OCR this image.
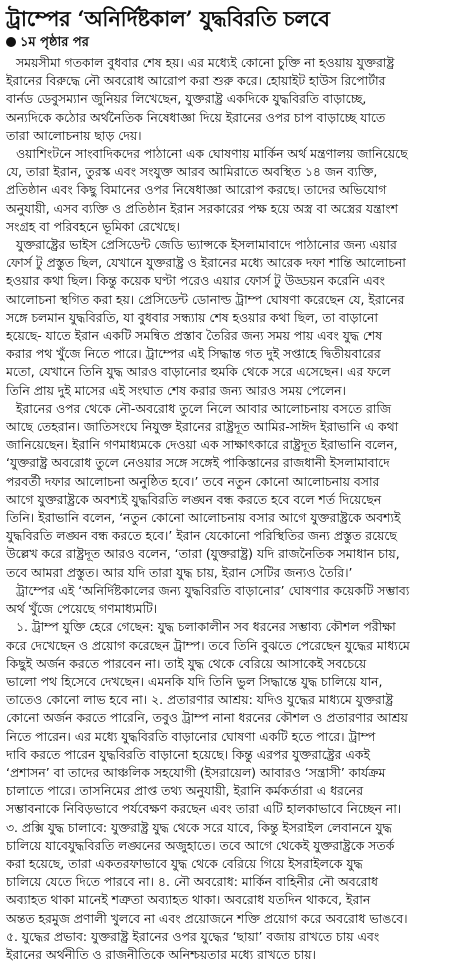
ট্রাম্পের ‘অনির্দিষ্টকাল’ যুদ্ধবিরতি চলবে
১ম পৃষ্ঠার পর

সময়সীমা গতকাল বুধবার শেষ হয়। এর মধ্যেই কোনো চুক্তি না হওয়ায় যুক্তরাষ্ট্র
ইরানের বিরুদ্ধে নৌ অবরোধ আরোপ করা শুরু করে। হোয়াইট হাউস রিপোর্টার
বার্নড ডেবুসম্যান জুনিয়র লিখেছেন, যুক্তরাষ্ট্র একদিকে যুদ্ধবিরতি বাড়াচ্ছে,
অন্যদিকে কঠোর অর্থনৈতিক নিষেধাজ্ঞা দিয়ে ইরানের ওপর চাপ বাড়াচ্ছে যাতে
তারা আলোচনায় ছাড় দেয়।

ওয়াশিংটনে সাংবাদিকদের পাঠানো এক ঘোষণায় মার্কিন অর্থ মন্ত্রণালয় জানিয়েছে
যে, তারা ইরান, তুরস্ক এবং সংযুক্ত আরব আমিরাতে অবস্থিত ১৪ জন ব্যক্তি,
প্রতিষ্ঠান এবং কিছু বিমানের ওপর নিষেধাজ্ঞা আরোপ করছে। তাদের অভিযোগ
অনুযায়ী, এসব ব্যক্তি ও প্রতিষ্ঠান ইরান সরকারের পক্ষ হয়ে অস্ত্র বা অস্ত্রের যন্ত্রাংশ
সংগ্রহ বা পরিবহনে ভূমিকা রেখেছে।

যুক্তরাষ্ট্রের ভাইস প্রেসিডেন্ট জেডি ভ্যান্সকে ইসলামাবাদে পাঠানোর জন্য এয়ার
ফোর্স টু প্রস্তুত ছিল, যেখানে যুক্তরাষ্ট্র ও ইরানের মধ্যে আরেক দফা শান্তি আলোচনা
হওয়ার কথা ছিল। কিন্তু কয়েক ঘণ্টা পরেও এয়ার ফোর্স টু উড্ডয়ন করেনি এবং
আলোচনা স্থগিত করা হয়। প্রেসিডেন্ট ডোনাল্ড ট্রাম্প ঘোষণা করেছেন যে, ইরানের
সঙ্গে চলমান যুদ্ধবিরতি, যা বুধবার সন্ধ্যায় শেষ হওয়ার কথা ছিল, তা বাড়ানো
হয়েছে- যাতে ইরান একটি সমন্বিত প্রস্তাব তৈরির জন্য সময় পায় এবং যুদ্ধ শেষ
করার পথ খুঁজে নিতে পারে। ট্রাম্পের এই সিদ্ধান্ত গত দুই সপ্তাহে দ্বিতীয়বারের
মতো, যেখানে তিনি যুদ্ধ আরও বাড়ানোর হুমকি থেকে সরে এসেছেন। এর ফলে
তিনি প্রায় দুই মাসের এই সংঘাত শেষ করার জন্য আরও সময় পেলেন।

ইরানের ওপর থেকে নৌ-অবরোধ তুলে নিলে আবার আলোচনায় বসতে রাজি
আছে তেহরান। জাতিসংঘে নিযুক্ত ইরানের রাষ্ট্রদূত আমির-সাঈদ ইরাভানি এ কথা
জানিয়েছেন। ইরানি গণমাধ্যমকে দেওয়া এক সাক্ষাৎকারে রাষ্ট্রদূত ইরাভানি বলেন,
‘যুক্তরাষ্ট্র অবরোধ তুলে নেওয়ার সঙ্গে সঙ্গেই পাকিস্তানের রাজধানী ইসলামাবাদে
পরবর্তী দফার আলোচনা অনুষ্ঠিত হবে।’ তবে নতুন কোনো আলোচনায় বসার
আগে যুক্তরাষ্ট্রকে অবশ্যই যুদ্ধবিরতি লঙ্ঘন বন্ধ করতে হবে বলে শর্ত দিয়েছেন
তিনি। ইরাভানি বলেন, ‘নতুন কোনো আলোচনায় বসার আগে যুক্তরাষ্ট্রকে অবশ্যই
যুদ্ধবিরতি লঙ্ঘন বন্ধ করতে হবে।’ ইরান যেকোনো পরিস্থিতির জন্য প্রস্তুত রয়েছে
উল্লেখ করে রাষ্ট্রদূত আরও বলেন, ‘তারা (যুক্তরাষ্ট্র) যদি রাজনৈতিক সমাধান চায়,
তবে আমরা প্রস্তুত। আর যদি তারা যুদ্ধ চায়, ইরান সেটির জন্যও তৈরি।’

ট্রাম্পের এই ‘অনির্দিষ্টকালের জন্য যুদ্ধবিরতি বাড়ানোর’ ঘোষণার কয়েকটি সম্ভাব্য
অর্থ খুঁজে পেয়েছে গণমাধ্যমটি।

১. ট্রাম্প যুক্তি হেরে গেছেন: যুদ্ধ চলাকালীন সব ধরনের সম্ভাব্য কৌশল পরীক্ষা
করে দেখেছেন ও প্রয়োগ করেছেন ট্রাম্প। তবে তিনি বুঝতে পেরেছেন যুদ্ধের মাধ্যমে
কিছুই অর্জন করতে পারবেন না। তাই যুদ্ধ থেকে বেরিয়ে আসাকেই সবচেয়ে
ভালো পথ হিসেবে দেখছেন। এমনকি যদি তিনি ভুল সিদ্ধান্তে যুদ্ধ চালিয়ে যান,
তাতেও কোনো লাভ হবে না। ২. প্রতারণার আশ্রয়: যদিও যুদ্ধের মাধ্যমে যুক্তরাষ্ট্র
কোনো অর্জন করতে পারেনি, তবুও ট্রাম্প নানা ধরনের কৌশল ও প্রতারণার আশ্রয়
নিতে পারেন। এর মধ্যে যুদ্ধবিরতি বাড়ানোর ঘোষণা একটি হতে পারে। ট্রাম্প
দাবি করতে পারেন যুদ্ধবিরতি বাড়ানো হয়েছে। কিন্তু এরপর যুক্তরাষ্ট্রের একই
‘প্রশাসন’ বা তাদের আঞ্চলিক সহযোগী (ইসরায়েল) আবারও ‘সন্ত্রাসী’ কার্যক্রম
চালাতে পারে। তাসনিমের প্রাপ্ত তথ্য অনুযায়ী, ইরানি কর্মকর্তারা এ ধরনের
সম্ভাবনাকে নিবিড়ভাবে পর্যবেক্ষণ করছেন এবং তারা এটি হালকাভাবে নিচ্ছেন না।
৩. প্রক্সি যুদ্ধ চালাবে: যুক্তরাষ্ট্র যুদ্ধ থেকে সরে যাবে, কিন্তু ইসরাইল লেবাননে যুদ্ধ
চালিয়ে যাবেযুদ্ধবিরতি লঙ্ঘনের অজুহাতে। তবে আগে থেকেই যুক্তরাষ্ট্রকে সতর্ক
করা হয়েছে, তারা একতরফাভাবে যুদ্ধ থেকে বেরিয়ে গিয়ে ইসরাইলকে যুদ্ধ
চালিয়ে যেতে দিতে পারবে না। ৪. নৌ অবরোধ: মার্কিন বাহিনীর নৌ অবরোধ
অব্যাহত থাকা মানেই শত্রুতা অব্যাহত থাকা। অবরোধ যতদিন থাকবে, ইরান
অন্তত হরমুজ প্রণালী খুলবে না এবং প্রয়োজনে শক্তি প্রয়োগ করে অবরোধ ভাঙবে।
৫. যুদ্ধের প্রভাব: যুক্তরাষ্ট্র ইরানের ওপর যুদ্ধের ‘ছায়া’ বজায় রাখতে চায় এবং
ইরানের অর্থনীতি ও রাজনীতিকে অনিশ্চয়তার মধ্যে রাখতে চায়।
